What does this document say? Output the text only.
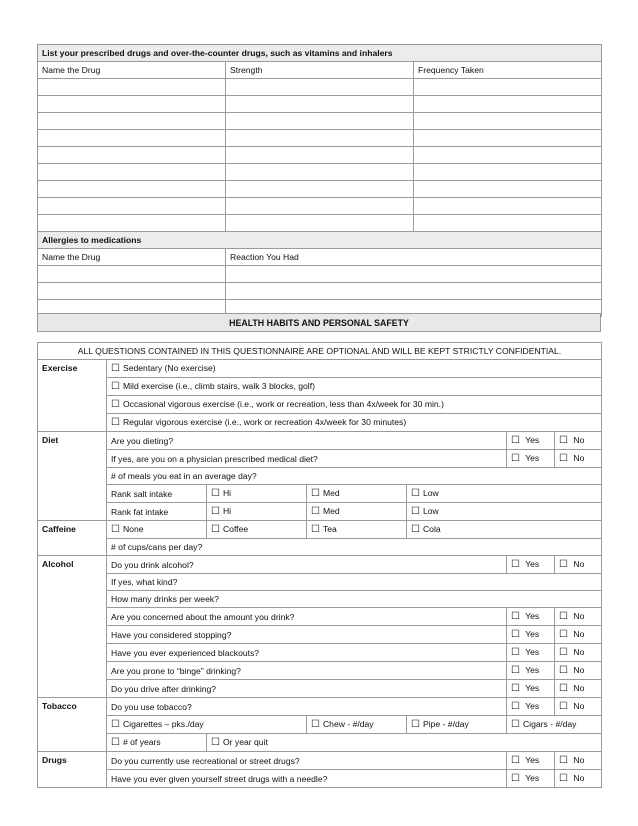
List your prescribed drugs and over-the-counter drugs, such as vitamins and inhalers		
Name the Drug	Strength	Frequency Taken

Allergies to medications		
Name the Drug	Reaction You Had	

HEALTH HABITS AND PERSONAL SAFETY
ALL QUESTIONS CONTAINED IN THIS QUESTIONNAIRE ARE OPTIONAL AND WILL BE KEPT STRICTLY CONFIDENTIAL.						
Exercise	☐ Sedentary (No exercise)					
	☐ Mild exercise (i.e., climb stairs, walk 3 blocks, golf)					
	☐ Occasional vigorous exercise (i.e., work or recreation, less than 4x/week for 30 min.)					
	☐ Regular vigorous exercise (i.e., work or recreation 4x/week for 30 minutes)					
Diet	Are you dieting?				☐ Yes	☐ No
	If yes, are you on a physician prescribed medical diet?				☐ Yes	☐ No
	# of meals you eat in an average day?					
	Rank salt intake	☐ Hi	☐ Med	☐ Low		
	Rank fat intake	☐ Hi	☐ Med	☐ Low		
Caffeine	☐ None	☐ Coffee	☐ Tea	☐ Cola		
	# of cups/cans per day?					
Alcohol	Do you drink alcohol?				☐ Yes	☐ No
	If yes, what kind?					
	How many drinks per week?					
	Are you concerned about the amount you drink?				☐ Yes	☐ No
	Have you considered stopping?				☐ Yes	☐ No
	Have you ever experienced blackouts?				☐ Yes	☐ No
	Are you prone to “binge” drinking?				☐ Yes	☐ No
	Do you drive after drinking?				☐ Yes	☐ No
Tobacco	Do you use tobacco?				☐ Yes	☐ No
	☐ Cigarettes – pks./day		☐ Chew - #/day	☐ Pipe - #/day	☐ Cigars - #/day	
	☐ # of years	☐ Or year quit				
Drugs	Do you currently use recreational or street drugs?				☐ Yes	☐ No
	Have you ever given yourself street drugs with a needle?				☐ Yes	☐ No
